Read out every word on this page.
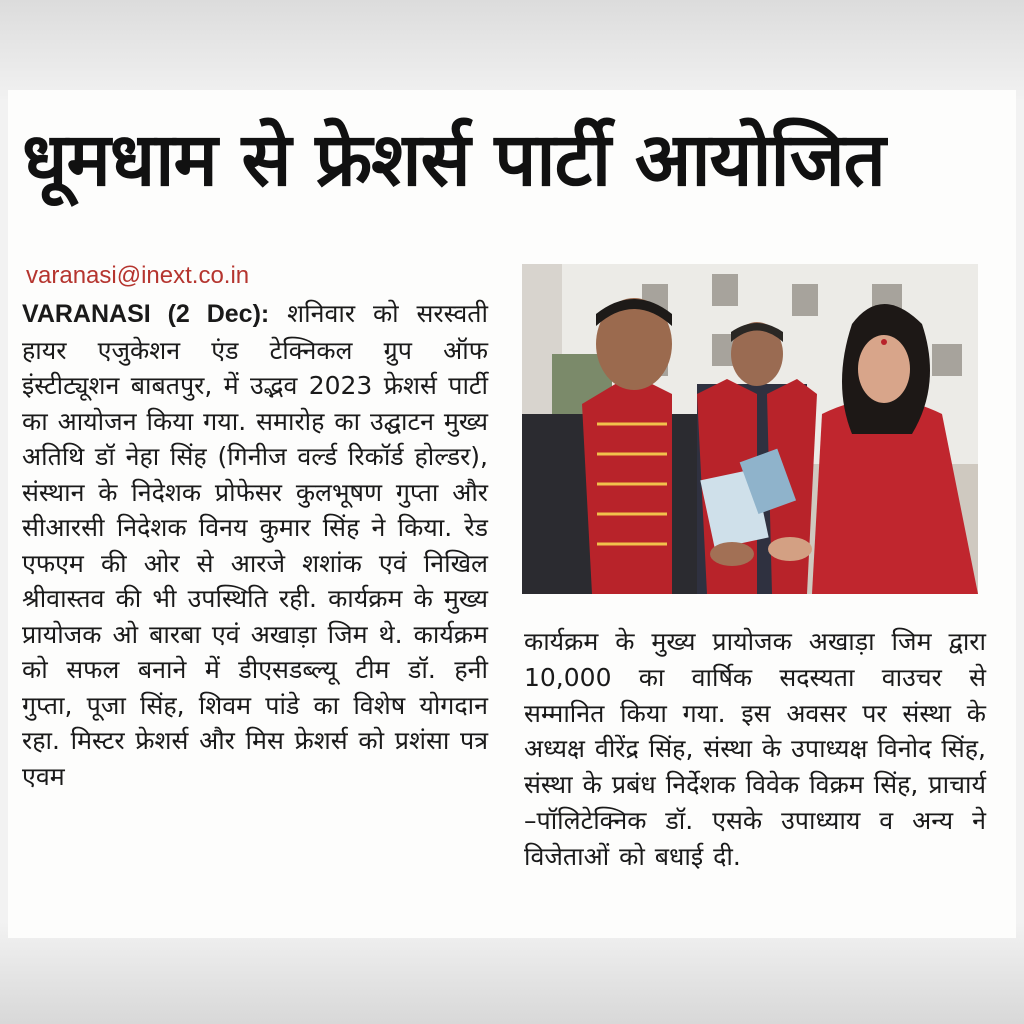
धूमधाम से फ्रेशर्स पार्टी आयोजित
varanasi@inext.co.in
VARANASI (2 Dec): शनिवार को सरस्वती हायर एजुकेशन एंड टेक्निकल ग्रुप ऑफ इंस्टीट्यूशन बाबतपुर, में उद्भव 2023 फ्रेशर्स पार्टी का आयोजन किया गया. समारोह का उद्घाटन मुख्य अतिथि डॉ नेहा सिंह (गिनीज वर्ल्ड रिकॉर्ड होल्डर), संस्थान के निदेशक प्रोफेसर कुलभूषण गुप्ता और सीआरसी निदेशक विनय कुमार सिंह ने किया. रेड एफएम की ओर से आरजे शशांक एवं निखिल श्रीवास्तव की भी उपस्थिति रही. कार्यक्रम के मुख्य प्रायोजक ओ बारबा एवं अखाड़ा जिम थे. कार्यक्रम को सफल बनाने में डीएसडब्ल्यू टीम डॉ. हनी गुप्ता, पूजा सिंह, शिवम पांडे का विशेष योगदान रहा. मिस्टर फ्रेशर्स और मिस फ्रेशर्स को प्रशंसा पत्र एवम
कार्यक्रम के मुख्य प्रायोजक अखाड़ा जिम द्वारा 10,000 का वार्षिक सदस्यता वाउचर से सम्मानित किया गया. इस अवसर पर संस्था के अध्यक्ष वीरेंद्र सिंह, संस्था के उपाध्यक्ष विनोद सिंह, संस्था के प्रबंध निर्देशक विवेक विक्रम सिंह, प्राचार्य –पॉलिटेक्निक डॉ. एसके उपाध्याय व अन्य ने विजेताओं को बधाई दी.
